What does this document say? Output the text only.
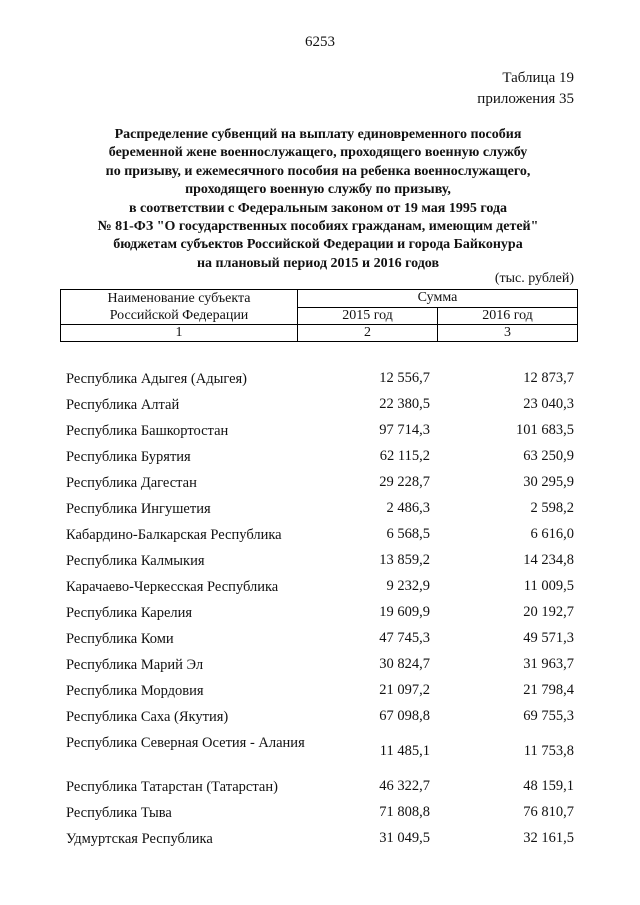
6253
Таблица 19
приложения 35
Распределение субвенций на выплату единовременного пособия
беременной жене военнослужащего, проходящего военную службу
по призыву, и ежемесячного пособия на ребенка военнослужащего,
проходящего военную службу по призыву,
в соответствии с Федеральным законом от 19 мая 1995 года
№ 81-ФЗ "О государственных пособиях гражданам, имеющим детей"
бюджетам субъектов Российской Федерации и города Байконура
на плановый период 2015 и 2016 годов
(тыс. рублей)
Наименование субъекта
Российской Федерации	Сумма	
	2015 год	2016 год
1	2	3
Республика Адыгея (Адыгея)	12 556,7	12 873,7
Республика Алтай	22 380,5	23 040,3
Республика Башкортостан	97 714,3	101 683,5
Республика Бурятия	62 115,2	63 250,9
Республика Дагестан	29 228,7	30 295,9
Республика Ингушетия	2 486,3	2 598,2
Кабардино-Балкарская Республика	6 568,5	6 616,0
Республика Калмыкия	13 859,2	14 234,8
Карачаево-Черкесская Республика	9 232,9	11 009,5
Республика Карелия	19 609,9	20 192,7
Республика Коми	47 745,3	49 571,3
Республика Марий Эл	30 824,7	31 963,7
Республика Мордовия	21 097,2	21 798,4
Республика Саха (Якутия)	67 098,8	69 755,3
Республика Северная Осетия - Алания	11 485,1	11 753,8
Республика Татарстан (Татарстан)	46 322,7	48 159,1
Республика Тыва	71 808,8	76 810,7
Удмуртская Республика	31 049,5	32 161,5
